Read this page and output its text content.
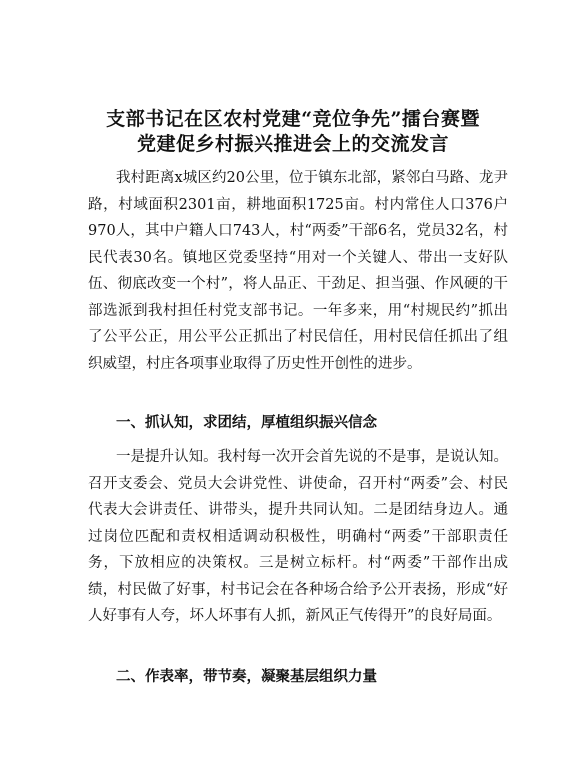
支部书记在区农村党建“竞位争先”擂台赛暨
党建促乡村振兴推进会上的交流发言
我村距离x城区约20公里，位于镇东北部，紧邻白马路、龙尹路，村域面积2301亩，耕地面积1725亩。村内常住人口376户970人，其中户籍人口743人，村“两委”干部6名，党员32名，村民代表30名。镇地区党委坚持“用对一个关键人、带出一支好队伍、彻底改变一个村”，将人品正、干劲足、担当强、作风硬的干部选派到我村担任村党支部书记。一年多来，用“村规民约”抓出了公平公正，用公平公正抓出了村民信任，用村民信任抓出了组织威望，村庄各项事业取得了历史性开创性的进步。
一、抓认知，求团结，厚植组织振兴信念
一是提升认知。我村每一次开会首先说的不是事，是说认知。召开支委会、党员大会讲党性、讲使命，召开村“两委”会、村民代表大会讲责任、讲带头，提升共同认知。二是团结身边人。通过岗位匹配和责权相适调动积极性，明确村“两委”干部职责任务，下放相应的决策权。三是树立标杆。村“两委”干部作出成绩，村民做了好事，村书记会在各种场合给予公开表扬，形成“好人好事有人夸，坏人坏事有人抓，新风正气传得开”的良好局面。
二、作表率，带节奏，凝聚基层组织力量
